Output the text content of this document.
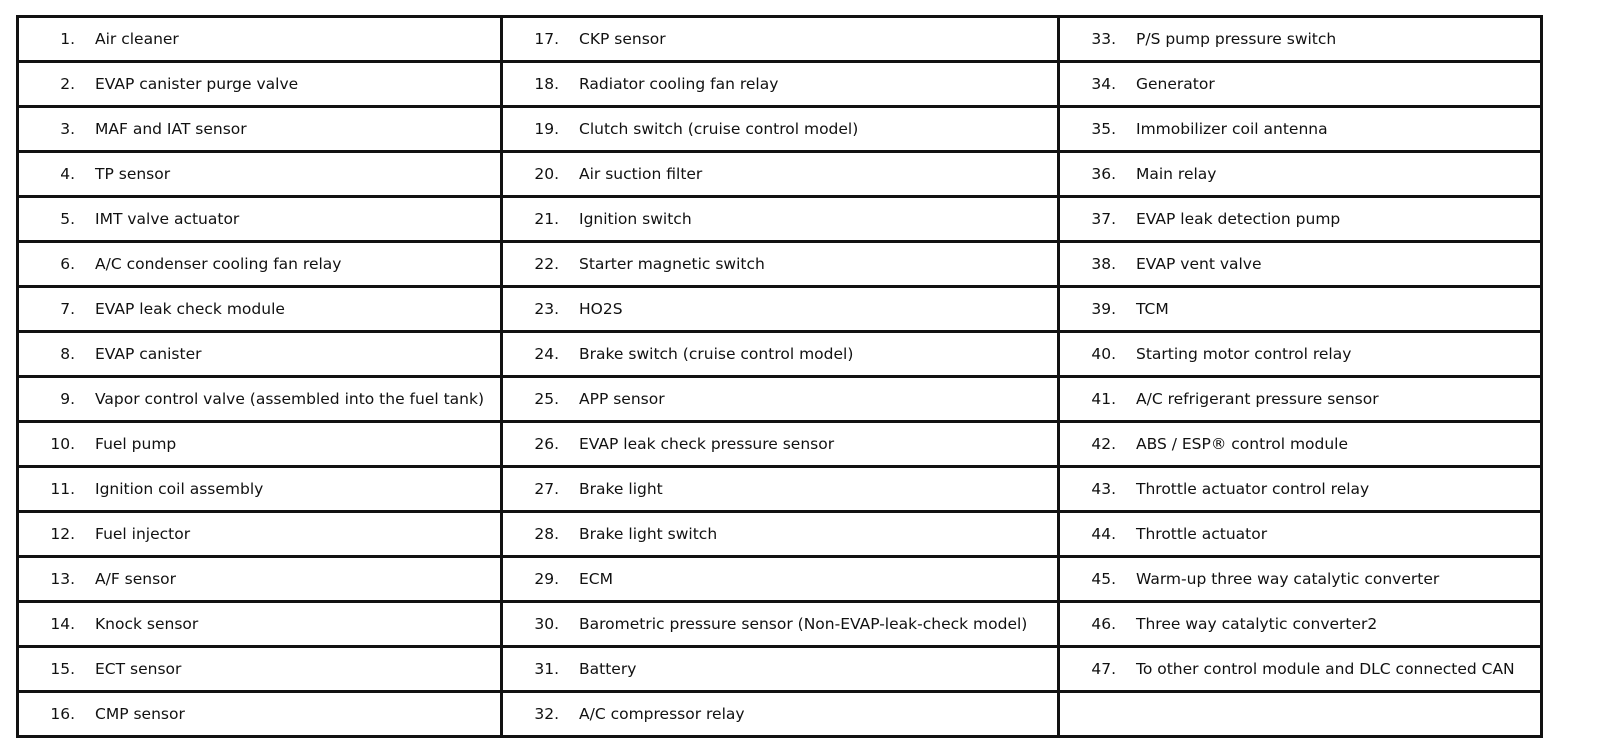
1. Air cleaner	17. CKP sensor	33. P/S pump pressure switch

2. EVAP canister purge valve	18. Radiator cooling fan relay	34. Generator

3. MAF and IAT sensor	19. Clutch switch (cruise control model)	35. Immobilizer coil antenna

4. TP sensor	20. Air suction filter	36. Main relay

5. IMT valve actuator	21. Ignition switch	37. EVAP leak detection pump

6. A/C condenser cooling fan relay	22. Starter magnetic switch	38. EVAP vent valve

7. EVAP leak check module	23. HO2S	39. TCM

8. EVAP canister	24. Brake switch (cruise control model)	40. Starting motor control relay

9. Vapor control valve (assembled into the fuel tank)	25. APP sensor	41. A/C refrigerant pressure sensor

10. Fuel pump	26. EVAP leak check pressure sensor	42. ABS / ESP® control module

11. Ignition coil assembly	27. Brake light	43. Throttle actuator control relay

12. Fuel injector	28. Brake light switch	44. Throttle actuator

13. A/F sensor	29. ECM	45. Warm-up three way catalytic converter

14. Knock sensor	30. Barometric pressure sensor (Non-EVAP-leak-check model)	46. Three way catalytic converter2

15. ECT sensor	31. Battery	47. To other control module and DLC connected CAN

16. CMP sensor	32. A/C compressor relay	
